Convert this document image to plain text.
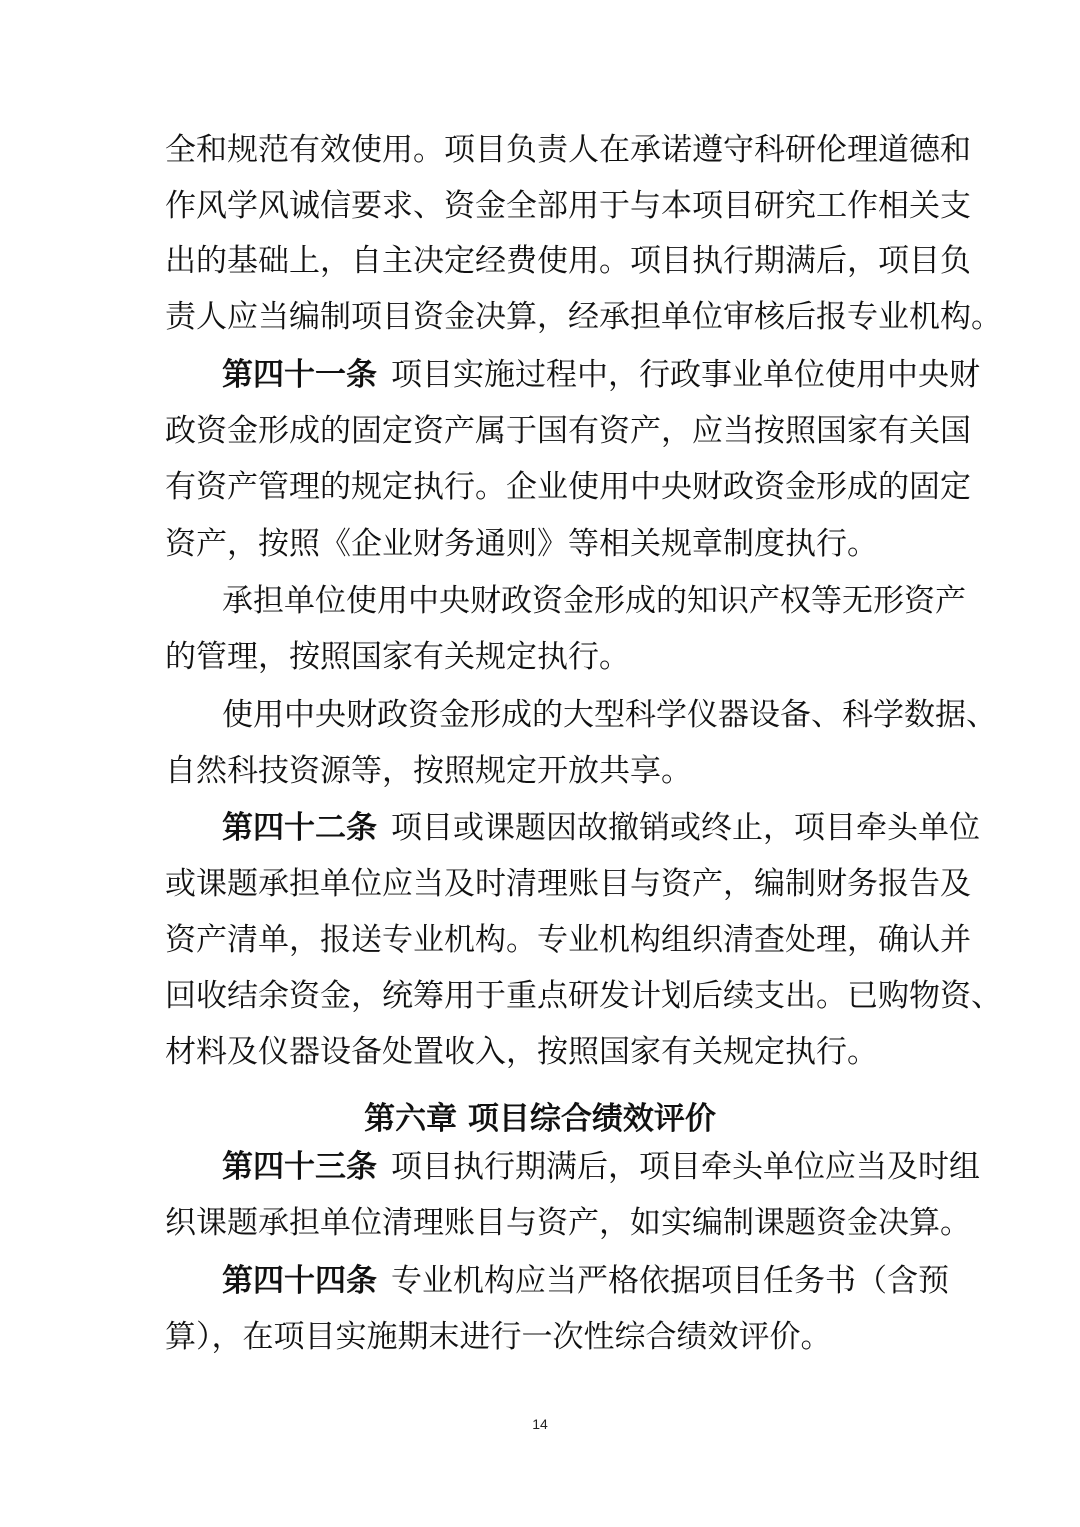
全和规范有效使用。项目负责人在承诺遵守科研伦理道德和
作风学风诚信要求、资金全部用于与本项目研究工作相关支
出的基础上，自主决定经费使用。项目执行期满后，项目负
责人应当编制项目资金决算，经承担单位审核后报专业机构。
第四十一条 项目实施过程中，行政事业单位使用中央财
政资金形成的固定资产属于国有资产，应当按照国家有关国
有资产管理的规定执行。企业使用中央财政资金形成的固定
资产，按照《企业财务通则》等相关规章制度执行。
承担单位使用中央财政资金形成的知识产权等无形资产
的管理，按照国家有关规定执行。
使用中央财政资金形成的大型科学仪器设备、科学数据、
自然科技资源等，按照规定开放共享。
第四十二条 项目或课题因故撤销或终止，项目牵头单位
或课题承担单位应当及时清理账目与资产，编制财务报告及
资产清单，报送专业机构。专业机构组织清查处理，确认并
回收结余资金，统筹用于重点研发计划后续支出。已购物资、
材料及仪器设备处置收入，按照国家有关规定执行。
第六章 项目综合绩效评价
第四十三条 项目执行期满后，项目牵头单位应当及时组
织课题承担单位清理账目与资产，如实编制课题资金决算。
第四十四条 专业机构应当严格依据项目任务书（含预
算），在项目实施期末进行一次性综合绩效评价。
14
